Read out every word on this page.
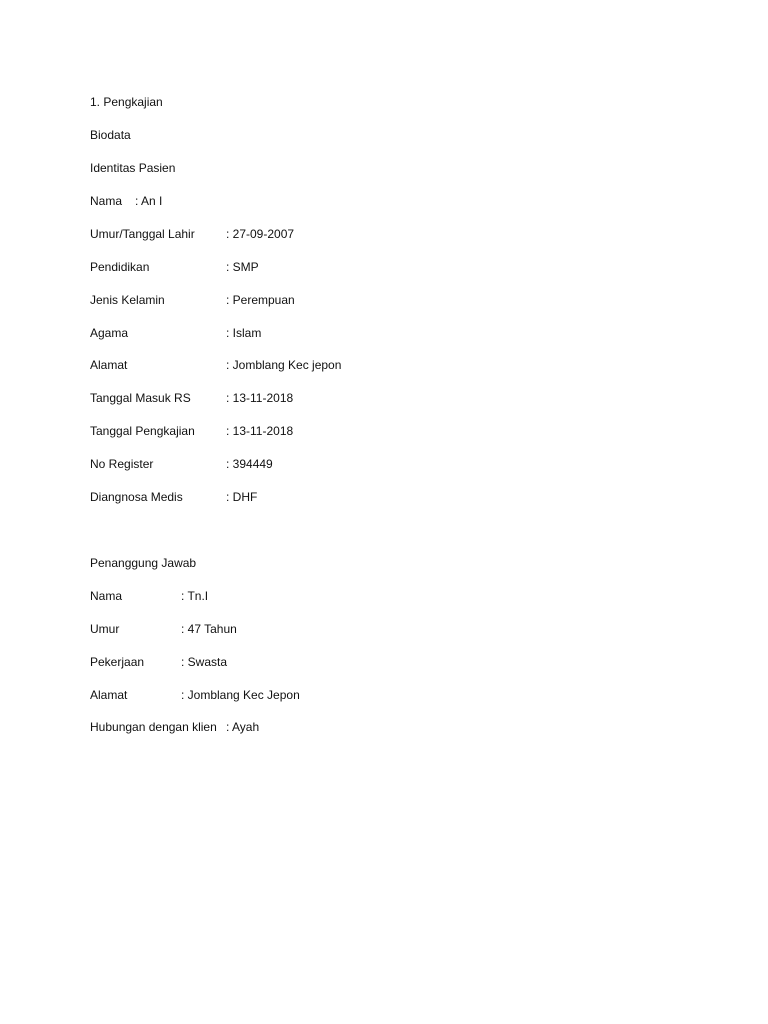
1. Pengkajian
Biodata
Identitas Pasien
Nama : An I
Umur/Tanggal Lahir	: 27-09-2007
Pendidikan	: SMP
Jenis Kelamin	: Perempuan
Agama	: Islam
Alamat	: Jomblang Kec jepon
Tanggal Masuk RS	: 13-11-2018
Tanggal Pengkajian	: 13-11-2018
No Register	: 394449
Diangnosa Medis	: DHF
Penanggung Jawab
Nama	: Tn.I
Umur	: 47 Tahun
Pekerjaan	: Swasta
Alamat	: Jomblang Kec Jepon
Hubungan dengan klien : Ayah
